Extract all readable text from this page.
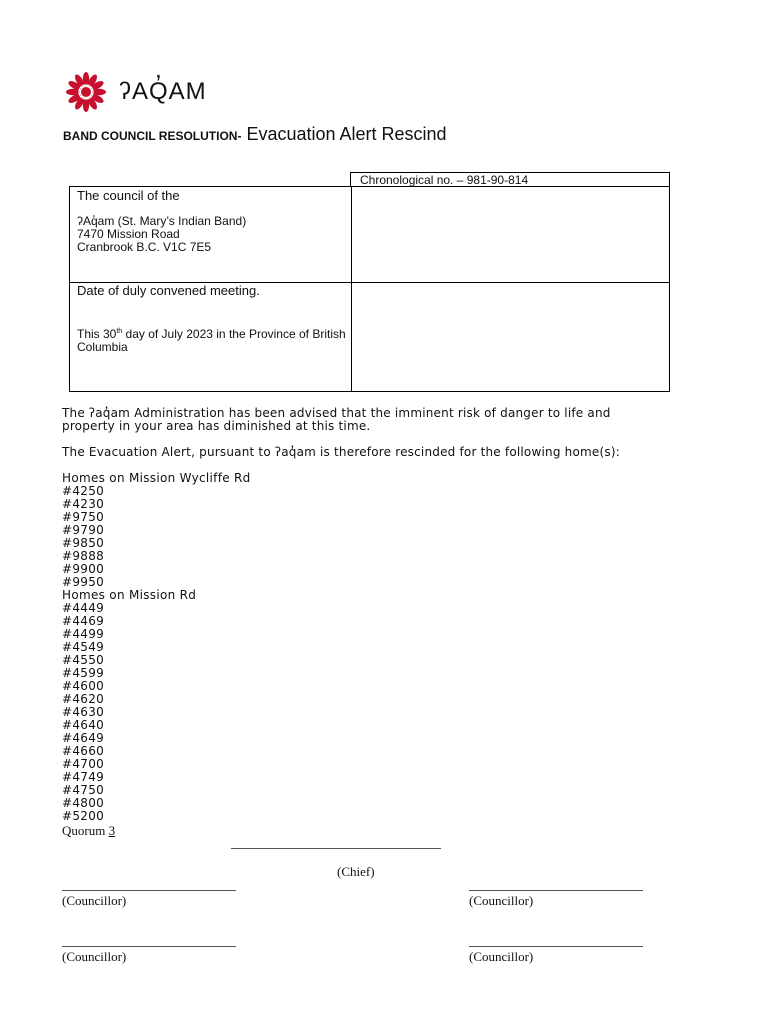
ʔAQ̓AM
BAND COUNCIL RESOLUTION- Evacuation Alert Rescind
Chronological no. – 981-90-814
The council of the
ʔAq̓am (St. Mary’s Indian Band)
7470 Mission Road
Cranbrook B.C. V1C 7E5
Date of duly convened meeting.
This 30th day of July 2023 in the Province of British Columbia
The ʔaq̓am Administration has been advised that the imminent risk of danger to life and property in your area has diminished at this time.
The Evacuation Alert, pursuant to ʔaq̓am is therefore rescinded for the following home(s):
Homes on Mission Wycliffe Rd
#4250
#4230
#9750
#9790
#9850
#9888
#9900
#9950
Homes on Mission Rd
#4449
#4469
#4499
#4549
#4550
#4599
#4600
#4620
#4630
#4640
#4649
#4660
#4700
#4749
#4750
#4800
#5200
Quorum 3
(Chief)
(Councillor)	(Councillor)
(Councillor)	(Councillor)
